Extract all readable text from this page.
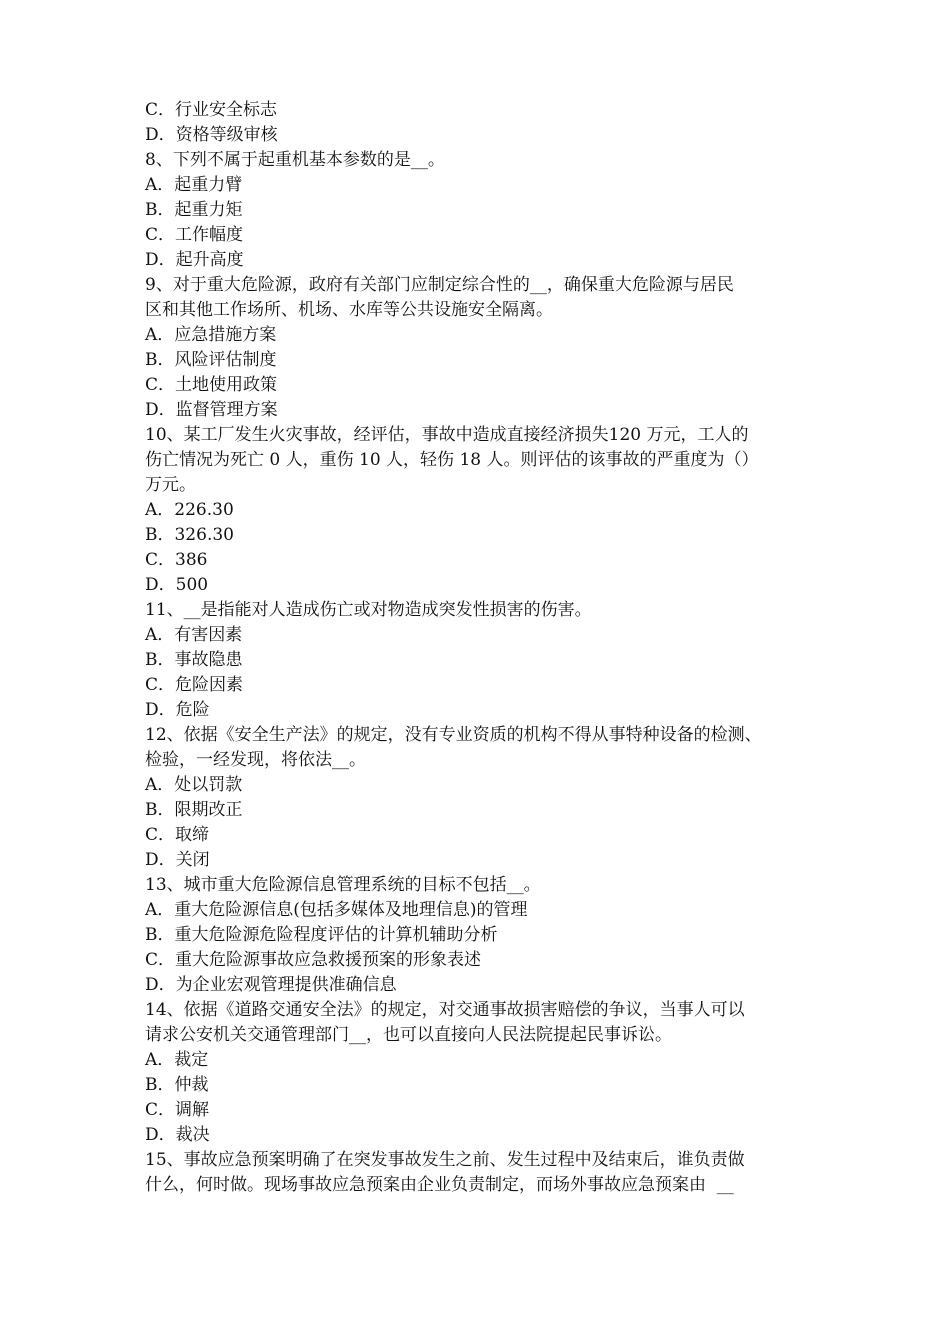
C．行业安全标志
D．资格等级审核
8、下列不属于起重机基本参数的是__。
A．起重力臂
B．起重力矩
C．工作幅度
D．起升高度
9、对于重大危险源，政府有关部门应制定综合性的__，确保重大危险源与居民
区和其他工作场所、机场、水库等公共设施安全隔离。
A．应急措施方案
B．风险评估制度
C．土地使用政策
D．监督管理方案
10、某工厂发生火灾事故，经评估，事故中造成直接经济损失120 万元，工人的
伤亡情况为死亡 0 人，重伤 10 人，轻伤 18 人。则评估的该事故的严重度为（）
万元。
A．226.30
B．326.30
C．386
D．500
11、__是指能对人造成伤亡或对物造成突发性损害的伤害。
A．有害因素
B．事故隐患
C．危险因素
D．危险
12、依据《安全生产法》的规定，没有专业资质的机构不得从事特种设备的检测、
检验，一经发现，将依法__。
A．处以罚款
B．限期改正
C．取缔
D．关闭
13、城市重大危险源信息管理系统的目标不包括__。
A．重大危险源信息(包括多媒体及地理信息)的管理
B．重大危险源危险程度评估的计算机辅助分析
C．重大危险源事故应急救援预案的形象表述
D．为企业宏观管理提供准确信息
14、依据《道路交通安全法》的规定，对交通事故损害赔偿的争议，当事人可以
请求公安机关交通管理部门__，也可以直接向人民法院提起民事诉讼。
A．裁定
B．仲裁
C．调解
D．裁决
15、事故应急预案明确了在突发事故发生之前、发生过程中及结束后，谁负责做
什么，何时做。现场事故应急预案由企业负责制定，而场外事故应急预案由  __
